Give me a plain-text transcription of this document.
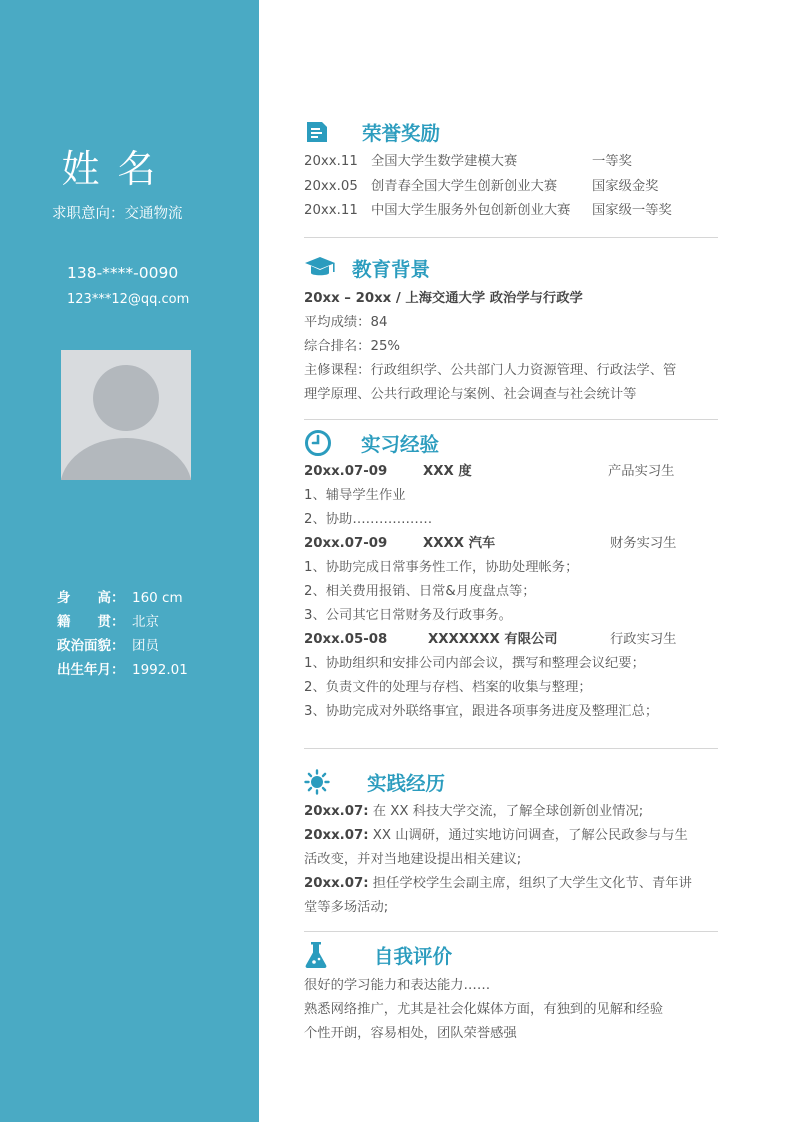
姓名
求职意向：交通物流
138-****-0090
123***12@qq.com
身　　高： 160 cm
籍　　贯： 北京
政治面貌： 团员
出生年月： 1992.01
荣誉奖励
20xx.11 全国大学生数学建模大赛	一等奖
20xx.05 创青春全国大学生创新创业大赛	国家级金奖
20xx.11 中国大学生服务外包创新创业大赛 国家级一等奖
教育背景
20xx – 20xx / 上海交通大学 政治学与行政学
平均成绩：84
综合排名：25%
主修课程：行政组织学、公共部门人力资源管理、行政法学、管
理学原理、公共行政理论与案例、社会调查与社会统计等
实习经验
20xx.07-09	XXX 度	产品实习生
1、辅导学生作业
2、协助………………
20xx.07-09	XXXX 汽车	财务实习生
1、协助完成日常事务性工作，协助处理帐务；
2、相关费用报销、日常&月度盘点等；
3、公司其它日常财务及行政事务。
20xx.05-08	XXXXXXX 有限公司	行政实习生
1、协助组织和安排公司内部会议，撰写和整理会议纪要；
2、负责文件的处理与存档、档案的收集与整理；
3、协助完成对外联络事宜，跟进各项事务进度及整理汇总；
实践经历
20xx.07: 在 XX 科技大学交流，了解全球创新创业情况;
20xx.07: XX 山调研，通过实地访问调查，了解公民政参与与生
活改变，并对当地建设提出相关建议;
20xx.07: 担任学校学生会副主席，组织了大学生文化节、青年讲
堂等多场活动;
自我评价
很好的学习能力和表达能力……
熟悉网络推广，尤其是社会化媒体方面，有独到的见解和经验
个性开朗，容易相处，团队荣誉感强
